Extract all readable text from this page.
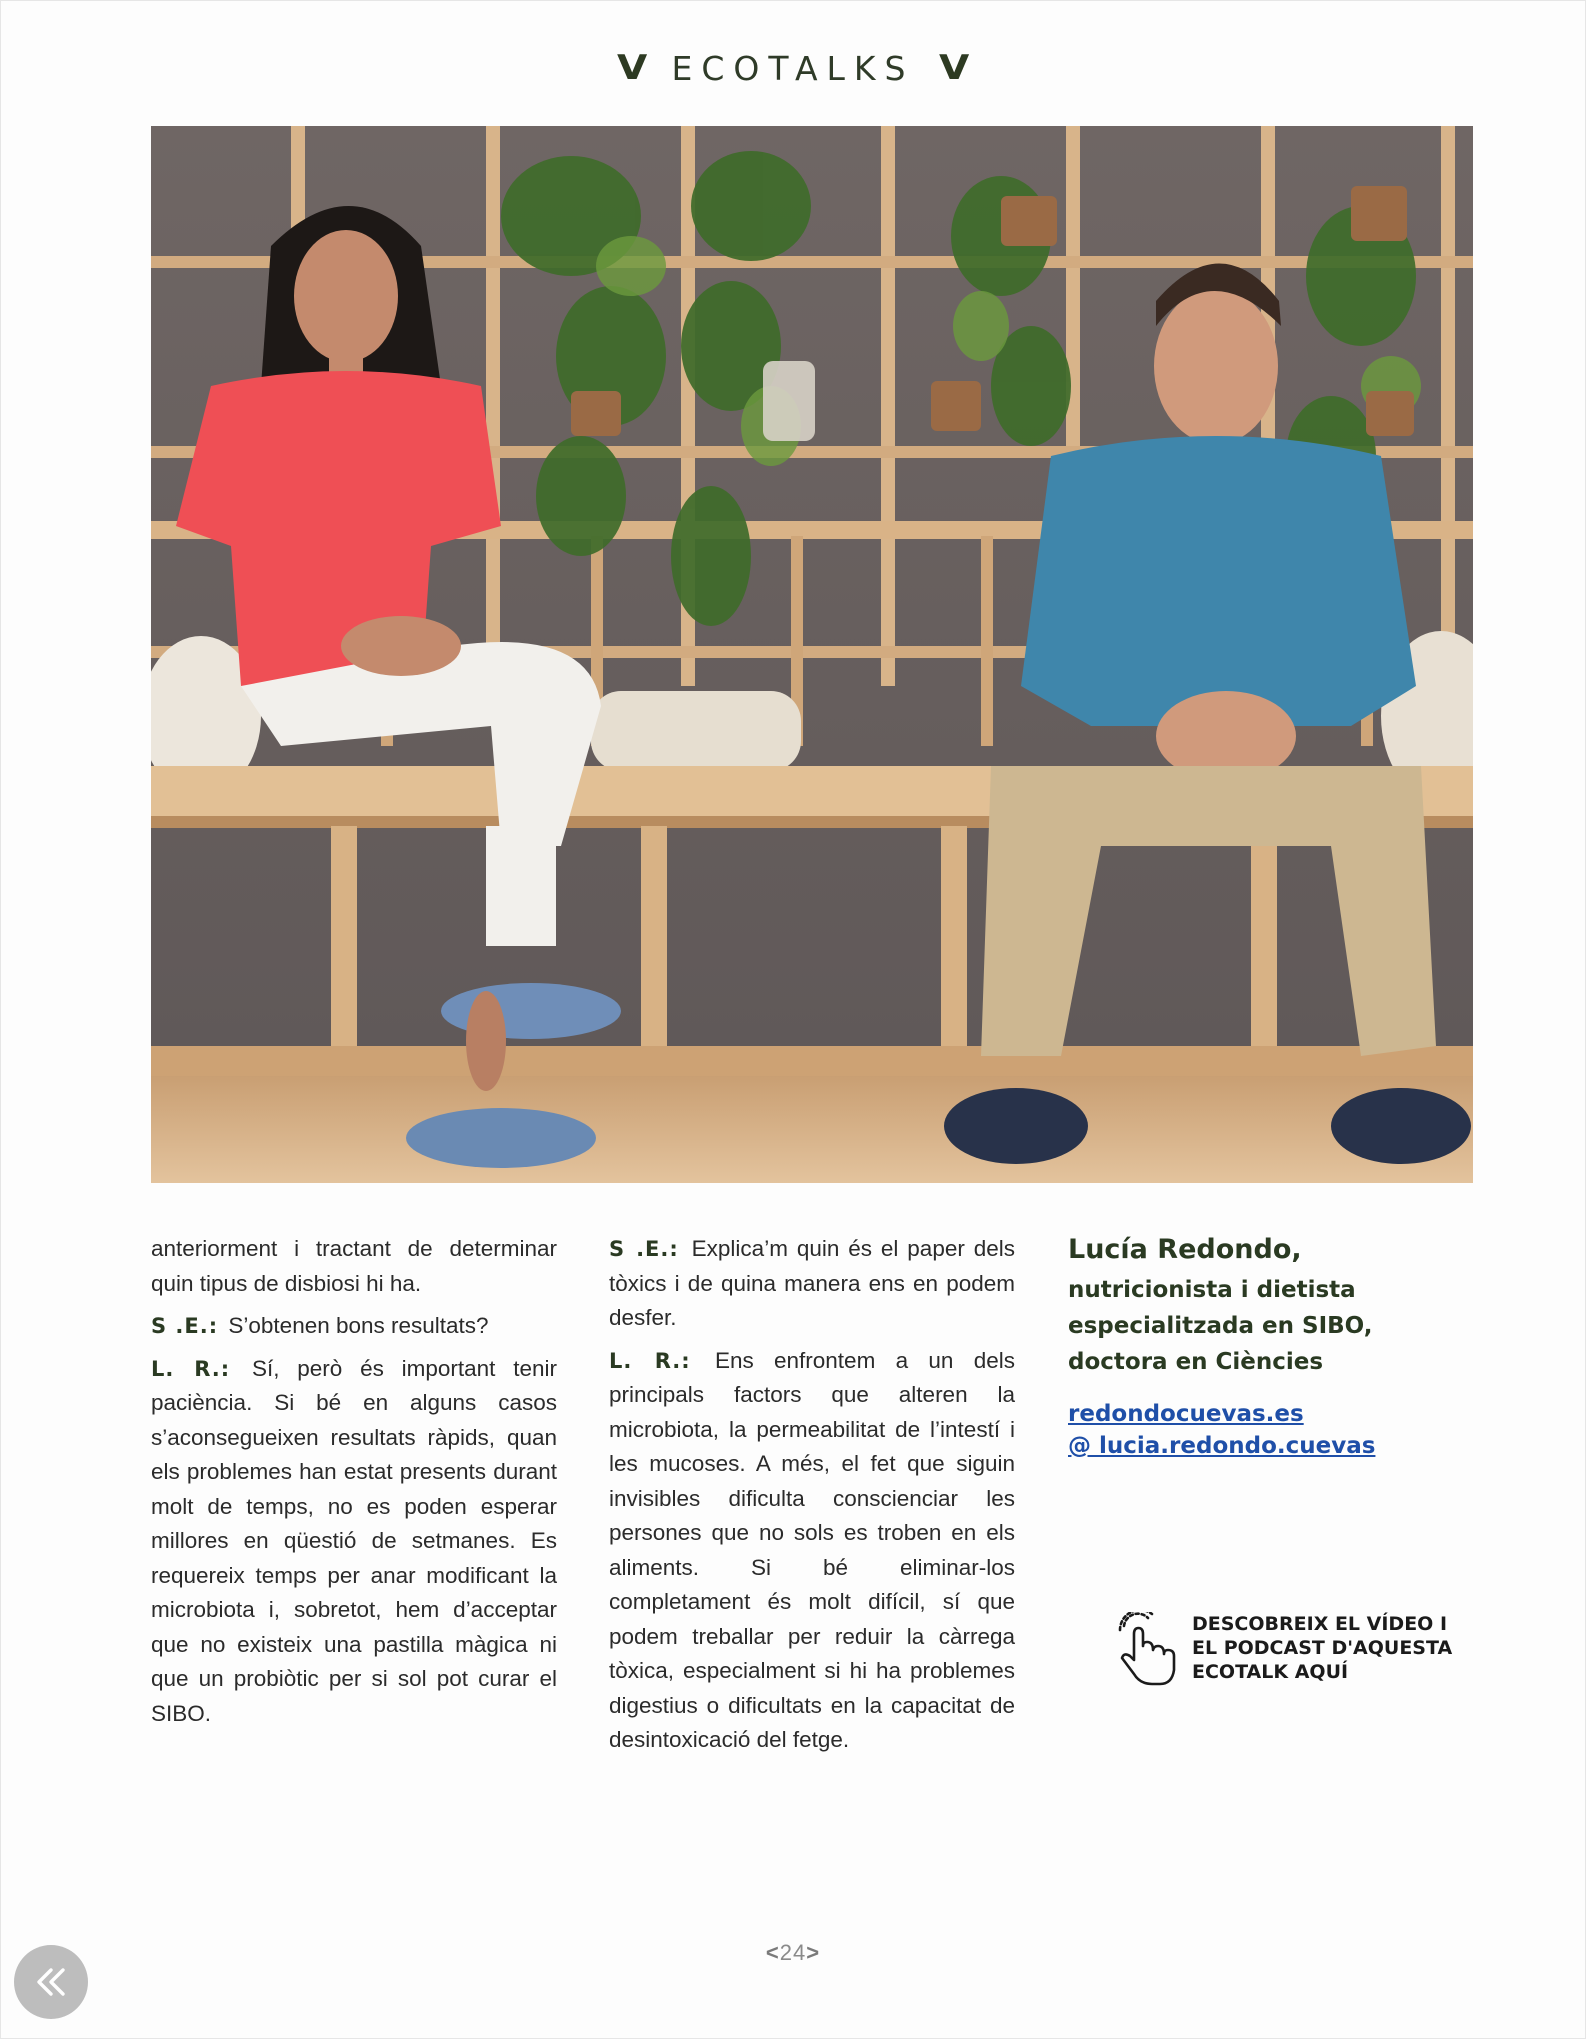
V ECOTALKS V

anteriorment i tractant de determinar quin tipus de disbiosi hi ha.

S .E.: S’obtenen bons resultats?

L. R.: Sí, però és important tenir paciència. Si bé en alguns casos s’aconsegueixen resultats ràpids, quan els problemes han estat presents durant molt de temps, no es poden esperar millores en qüestió de setmanes. Es requereix temps per anar modificant la microbiota i, sobretot, hem d’acceptar que no existeix una pastilla màgica ni que un probiòtic per si sol pot curar el SIBO.

S .E.: Explica’m quin és el paper dels tòxics i de quina manera ens en podem desfer.

L. R.: Ens enfrontem a un dels principals factors que alteren la microbiota, la permeabilitat de l’intestí i les mucoses. A més, el fet que siguin invisibles dificulta conscienciar les persones que no sols es troben en els aliments. Si bé eliminar-los completament és molt difícil, sí que podem treballar per reduir la càrrega tòxica, especialment si hi ha problemes digestius o dificultats en la capacitat de desintoxicació del fetge.

Lucía Redondo,
nutricionista i dietista especialitzada en SIBO, doctora en Ciències
redondocuevas.es
@ lucia.redondo.cuevas
DESCOBREIX EL VÍDEO I
EL PODCAST D'AQUESTA
ECOTALK AQUÍ
<24>
